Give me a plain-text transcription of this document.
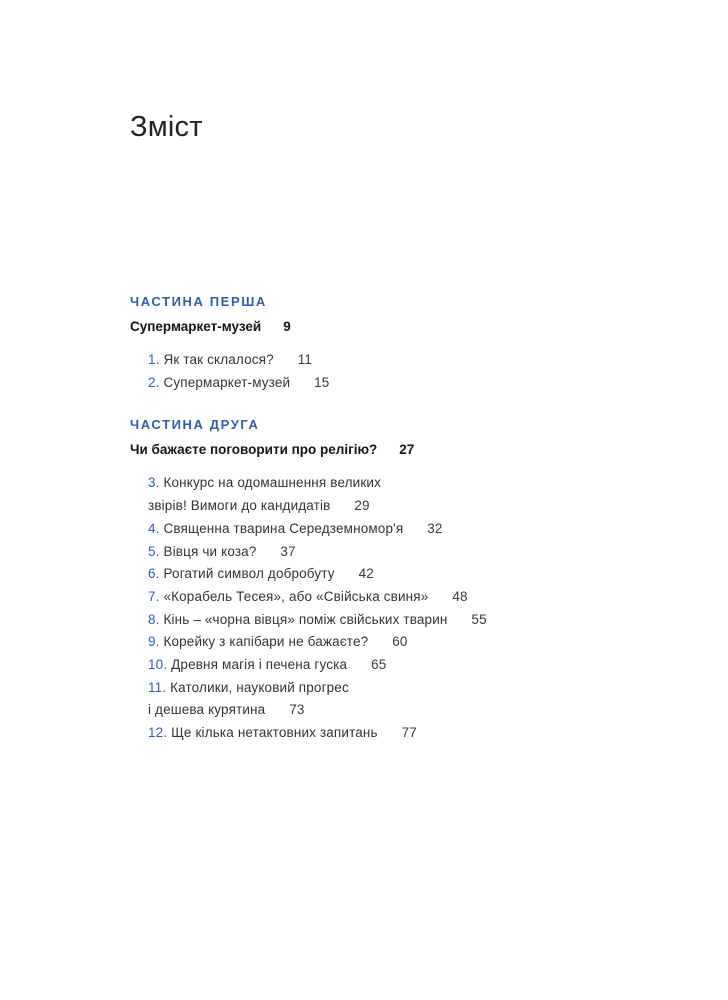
Зміст
ЧАСТИНА ПЕРША
Супермаркет-музей 9
1. Як так склалося? 11
2. Супермаркет-музей 15
ЧАСТИНА ДРУГА
Чи бажаєте поговорити про релігію? 27
3. Конкурс на одомашнення великих
звірів! Вимоги до кандидатів 29
4. Священна тварина Середземномор'я 32
5. Вівця чи коза? 37
6. Рогатий символ добробуту 42
7. «Корабель Тесея», або «Свійська свиня» 48
8. Кінь – «чорна вівця» поміж свійських тварин 55
9. Корейку з капібари не бажаєте? 60
10. Древня магія і печена гуска 65
11. Католики, науковий прогрес
і дешева курятина 73
12. Ще кілька нетактовних запитань 77
